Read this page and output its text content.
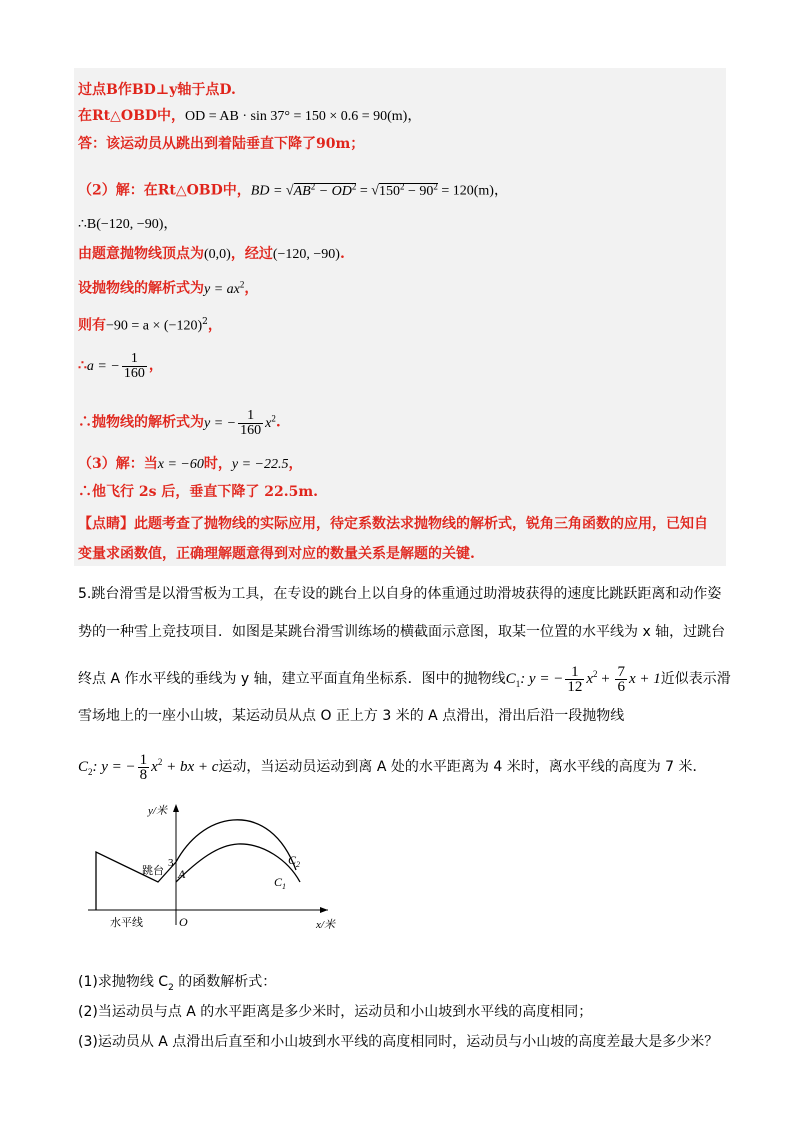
过点B作BD⊥y轴于点D.
在Rt△OBD中，OD = AB · sin 37° = 150 × 0.6 = 90(m)，
答：该运动员从跳出到着陆垂直下降了90m；
（2）解：在Rt△OBD中，BD = $√AB^2 - OD^2 = √150^2 - 90^2 = 120(m)$，
∴B(−120, −90)，
由题意抛物线顶点为(0,0)，经过(−120, −90).
设抛物线的解析式为$y = ax^2$，
则有$-90 = a \times (-120)^2$，
∴a = − $\frac{1}{160}$ ，
∴抛物线的解析式为y = − $\frac{1}{160} x^2$.
（3）解：当x = −60时，y = −22.5，
∴他飞行 2s 后，垂直下降了 22.5m.
【点睛】此题考查了抛物线的实际应用，待定系数法求抛物线的解析式，锐角三角函数的应用，已知自
变量求函数值，正确理解题意得到对应的数量关系是解题的关键.
5.跳台滑雪是以滑雪板为工具，在专设的跳台上以自身的体重通过助滑坡获得的速度比跳跃距离和动作姿
势的一种雪上竞技项目．如图是某跳台滑雪训练场的横截面示意图，取某一位置的水平线为 x 轴，过跳台
终点 A 作水平线的垂线为 y 轴，建立平面直角坐标系．图中的抛物线$C_1$: y = − $\frac{1}{12} x^2 + \frac{7}{6}$ x + 1近似表示滑
雪场地上的一座小山坡，某运动员从点 O 正上方 3 米的 A 点滑出，滑出后沿一段抛物线
$C_2$: y = − $\frac{1}{8} x^2$ + bx + c运动，当运动员运动到离 A 处的水平距离为 4 米时，离水平线的高度为 7 米．
y/米
x/米
O
A
3
跳台
水平线
$C_2$
$C_1$
(1)求抛物线 $C_2$ 的函数解析式：
(2)当运动员与点 A 的水平距离是多少米时，运动员和小山坡到水平线的高度相同；
(3)运动员从 A 点滑出后直至和小山坡到水平线的高度相同时，运动员与小山坡的高度差最大是多少米？
